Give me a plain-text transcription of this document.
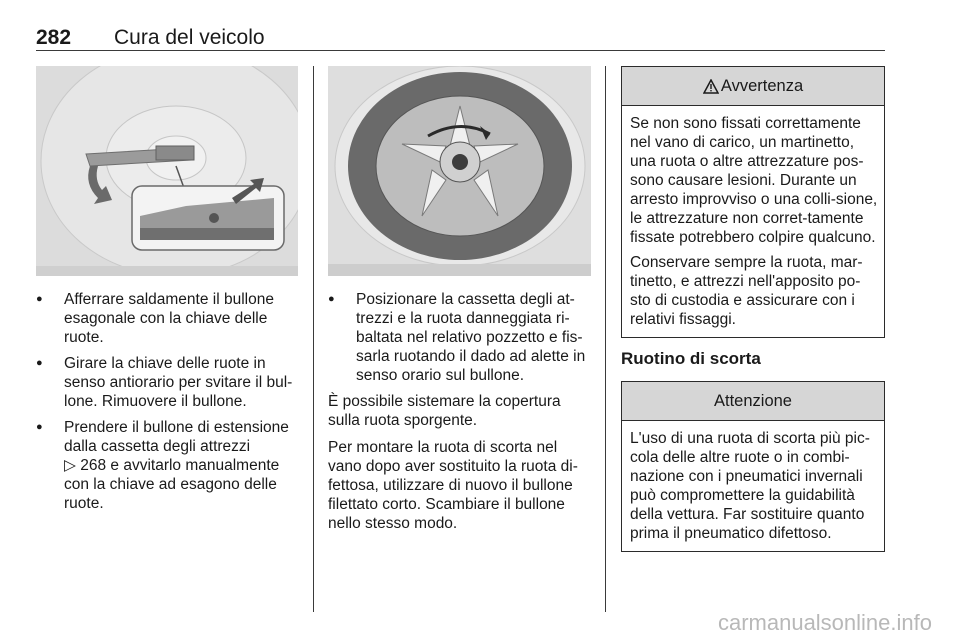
282 Cura del veicolo
● Afferrare saldamente il bullone esagonale con la chiave delle ruote.
● Girare la chiave delle ruote in senso antiorario per svitare il bul-lone. Rimuovere il bullone.
● Prendere il bullone di estensione dalla cassetta degli attrezzi
▷ 268 e avvitarlo manualmente con la chiave ad esagono delle ruote.
● Posizionare la cassetta degli at-trezzi e la ruota danneggiata ri-baltata nel relativo pozzetto e fis-sarla ruotando il dado ad alette in senso orario sul bullone.

È possibile sistemare la copertura sulla ruota sporgente.

Per montare la ruota di scorta nel vano dopo aver sostituito la ruota di-fettosa, utilizzare di nuovo il bullone filettato corto. Scambiare il bullone nello stesso modo.

Avvertenza

Se non sono fissati correttamente nel vano di carico, un martinetto, una ruota o altre attrezzature pos-sono causare lesioni. Durante un arresto improvviso o una colli-sione, le attrezzature non corret-tamente fissate potrebbero colpire qualcuno.

Conservare sempre la ruota, mar-tinetto, e attrezzi nell'apposito po-sto di custodia e assicurare con i relativi fissaggi.

Ruotino di scorta
Attenzione

L'uso di una ruota di scorta più pic-cola delle altre ruote o in combi-nazione con i pneumatici invernali può compromettere la guidabilità della vettura. Far sostituire quanto prima il pneumatico difettoso.

carmanualsonline.info
